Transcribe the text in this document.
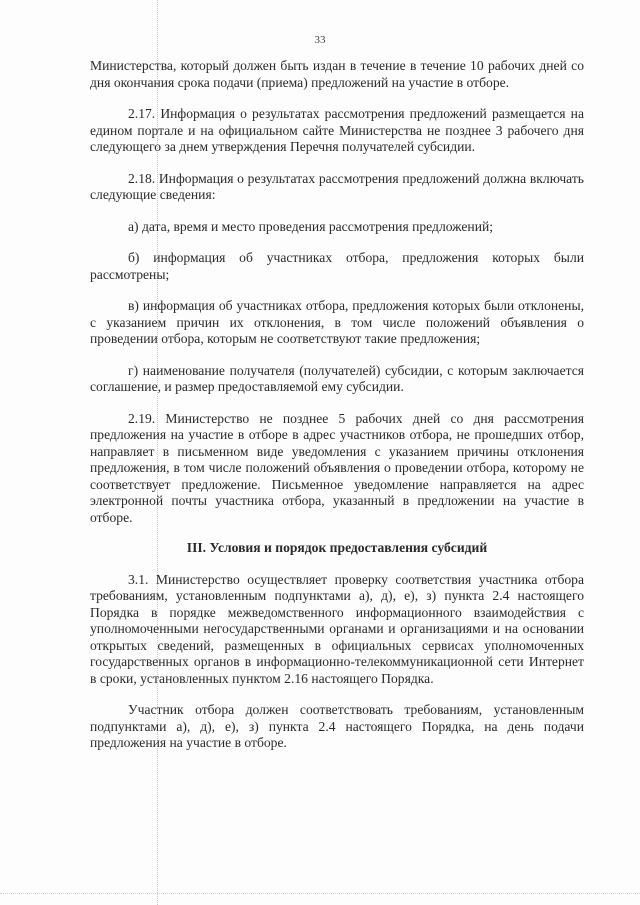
33

Министерства, который должен быть издан в течение в течение 10 рабочих дней со дня окончания срока подачи (приема) предложений на участие в отборе.

2.17. Информация о результатах рассмотрения предложений размещается на едином портале и на официальном сайте Министерства не позднее 3 рабочего дня следующего за днем утверждения Перечня получателей субсидии.

2.18. Информация о результатах рассмотрения предложений должна включать следующие сведения:

а) дата, время и место проведения рассмотрения предложений;

б) информация об участниках отбора, предложения которых были рассмотрены;

в) информация об участниках отбора, предложения которых были отклонены, с указанием причин их отклонения, в том числе положений объявления о проведении отбора, которым не соответствуют такие предложения;

г) наименование получателя (получателей) субсидии, с которым заключается соглашение, и размер предоставляемой ему субсидии.

2.19. Министерство не позднее 5 рабочих дней со дня рассмотрения предложения на участие в отборе в адрес участников отбора, не прошедших отбор, направляет в письменном виде уведомления с указанием причины отклонения предложения, в том числе положений объявления о проведении отбора, которому не соответствует предложение. Письменное уведомление направляется на адрес электронной почты участника отбора, указанный в предложении на участие в отборе.

III. Условия и порядок предоставления субсидий

3.1. Министерство осуществляет проверку соответствия участника отбора требованиям, установленным подпунктами а), д), е), з) пункта 2.4 настоящего Порядка в порядке межведомственного информационного взаимодействия с уполномоченными негосударственными органами и организациями и на основании открытых сведений, размещенных в официальных сервисах уполномоченных государственных органов в информационно-телекоммуникационной сети Интернет в сроки, установленных пунктом 2.16 настоящего Порядка.

Участник отбора должен соответствовать требованиям, установленным подпунктами а), д), е), з) пункта 2.4 настоящего Порядка, на день подачи предложения на участие в отборе.
